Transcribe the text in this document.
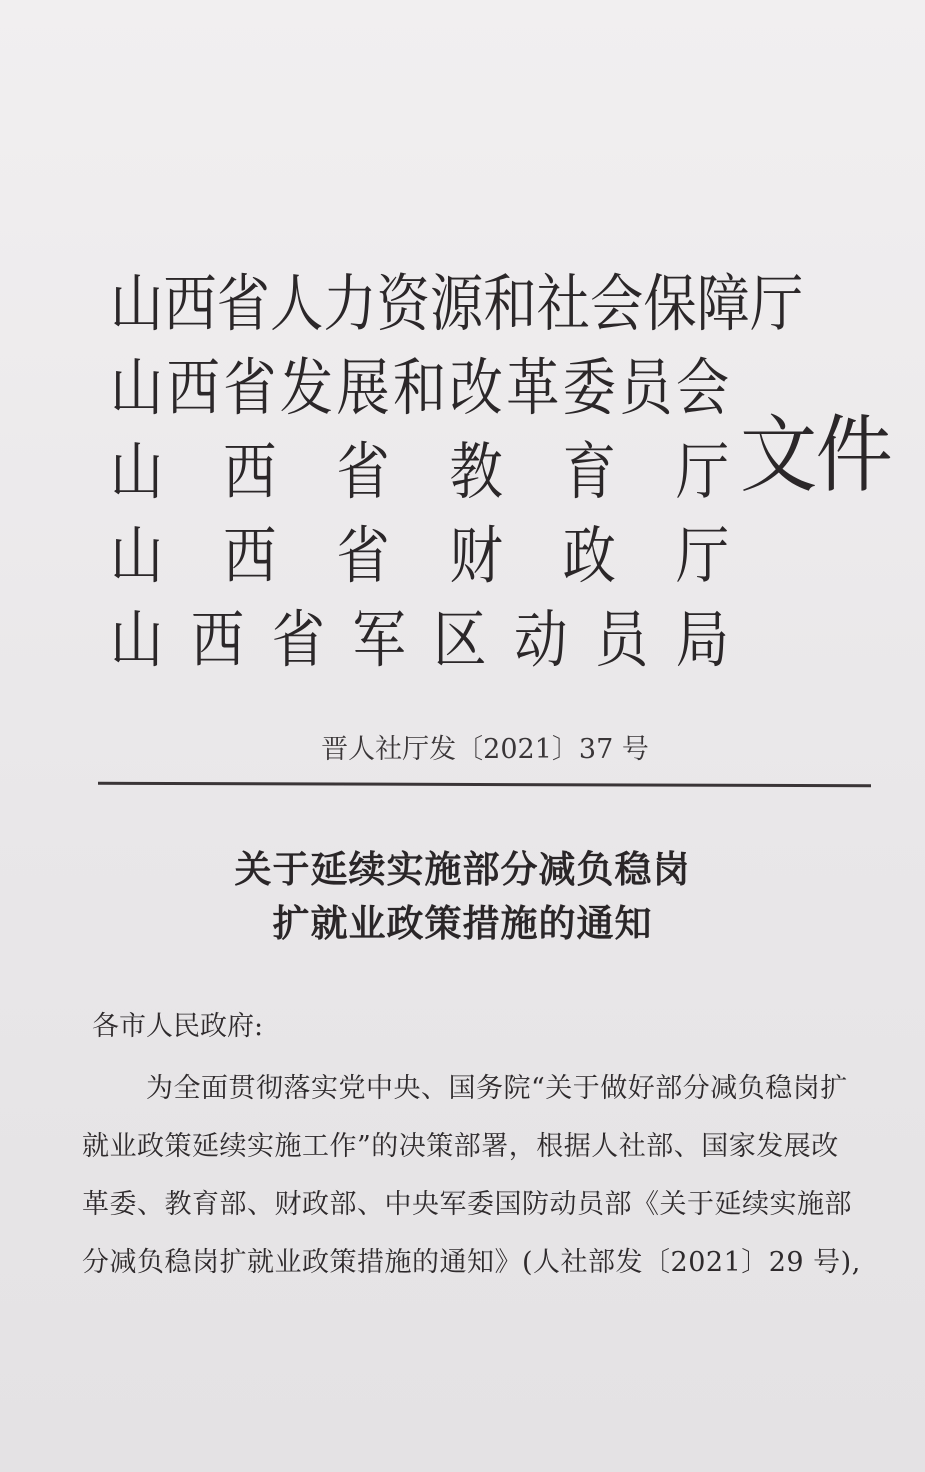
山 西 省 人 力 资 源 和 社 会 保 障 厅
山 西 省 发 展 和 改 革 委 员 会
山 西 省 教 育 厅
山 西 省 财 政 厅
山 西 省 军 区 动 员 局
文件
晋人社厅发〔2021〕37 号
关于延续实施部分减负稳岗
扩就业政策措施的通知
各市人民政府:
为全面贯彻落实党中央、国务院“关于做好部分减负稳岗扩
就业政策延续实施工作”的决策部署，根据人社部、国家发展改
革委、教育部、财政部、中央军委国防动员部《关于延续实施部
分减负稳岗扩就业政策措施的通知》(人社部发〔2021〕29 号),
